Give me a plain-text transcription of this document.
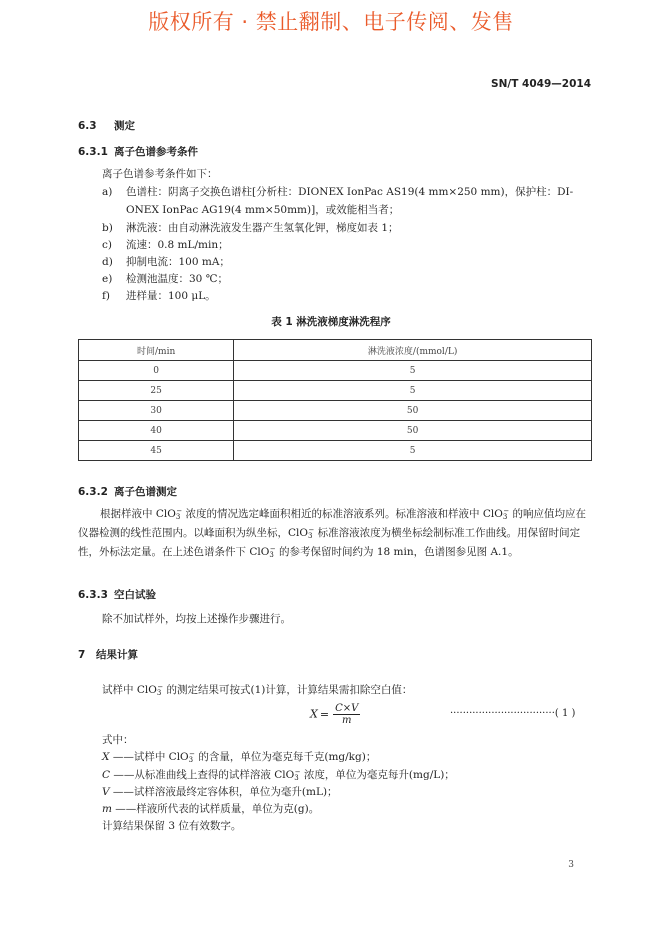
版权所有 · 禁止翻制、电子传阅、发售
SN/T 4049—2014
6.3 测定
6.3.1 离子色谱参考条件
离子色谱参考条件如下：
a) 色谱柱：阴离子交换色谱柱[分析柱：DIONEX IonPac AS19(4 mm×250 mm)，保护柱：DI-
ONEX IonPac AG19(4 mm×50mm)]，或效能相当者；
b) 淋洗液：由自动淋洗液发生器产生氢氧化钾，梯度如表 1；
c) 流速：0.8 mL/min；
d) 抑制电流：100 mA；
e) 检测池温度：30 ℃；
f) 进样量：100 μL。
表 1 淋洗液梯度淋洗程序
时间/min	淋洗液浓度/(mmol/L)
0	5
25	5
30	50
40	50
45	5
6.3.2 离子色谱测定
根据样液中 ClO3− 浓度的情况选定峰面积相近的标准溶液系列。标准溶液和样液中 ClO3− 的响应值均应在仪器检测的线性范围内。以峰面积为纵坐标，ClO3− 标准溶液浓度为横坐标绘制标准工作曲线。用保留时间定性，外标法定量。在上述色谱条件下 ClO3− 的参考保留时间约为 18 min，色谱图参见图 A.1。
6.3.3 空白试验
除不加试样外，均按上述操作步骤进行。
7 结果计算
试样中 ClO3− 的测定结果可按式(1)计算，计算结果需扣除空白值：
$X = \frac{C\times V}{m}$	·································( 1 )
式中：
X ——试样中 ClO3− 的含量，单位为毫克每千克(mg/kg)；
C ——从标准曲线上查得的试样溶液 ClO3− 浓度，单位为毫克每升(mg/L)；
V ——试样溶液最终定容体积，单位为毫升(mL)；
m ——样液所代表的试样质量，单位为克(g)。
计算结果保留 3 位有效数字。
3
